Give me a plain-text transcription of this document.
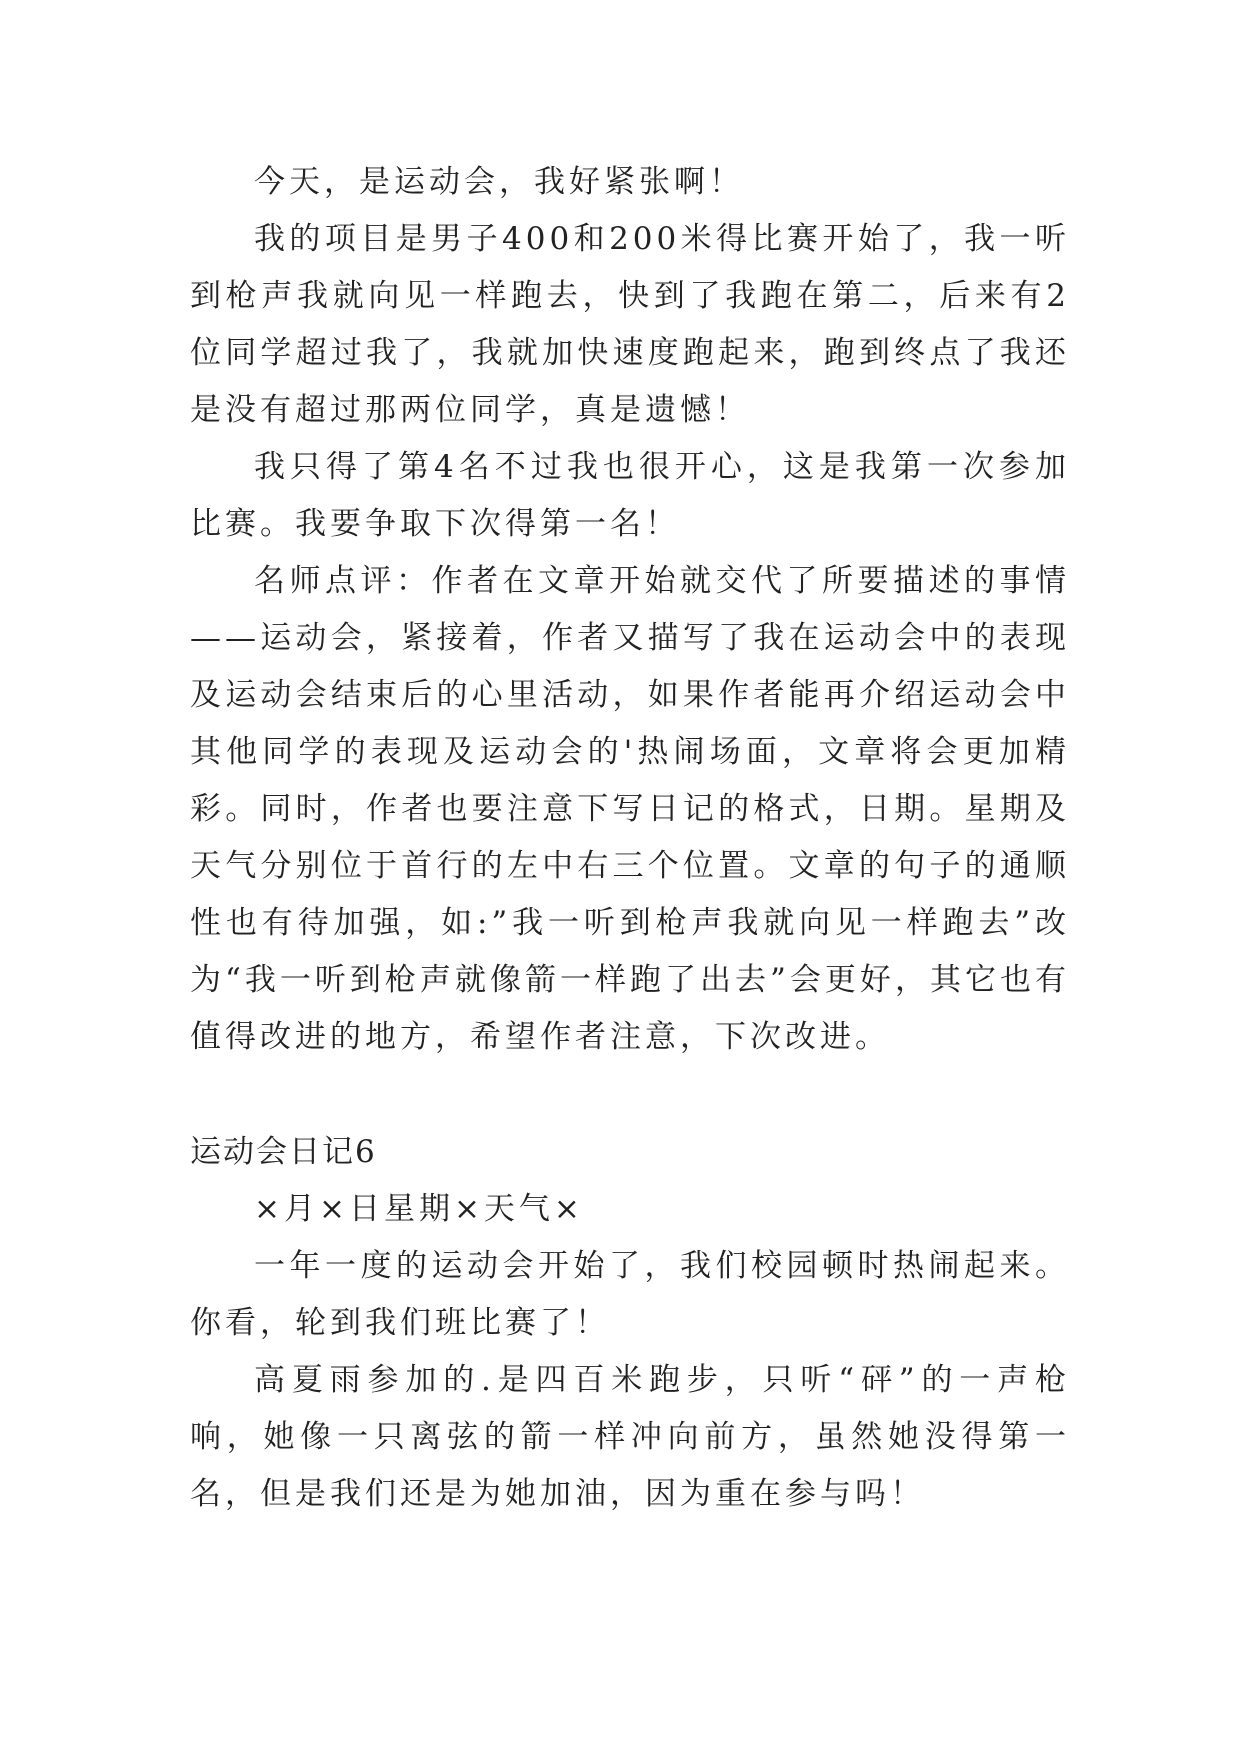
今天，是运动会，我好紧张啊！

我的项目是男子400和200米得比赛开始了，我一听到枪声我就向见一样跑去，快到了我跑在第二，后来有2位同学超过我了，我就加快速度跑起来，跑到终点了我还是没有超过那两位同学，真是遗憾！

我只得了第4名不过我也很开心，这是我第一次参加比赛。我要争取下次得第一名！

名师点评：作者在文章开始就交代了所要描述的事情——运动会，紧接着，作者又描写了我在运动会中的表现及运动会结束后的心里活动，如果作者能再介绍运动会中其他同学的表现及运动会的'热闹场面，文章将会更加精彩。同时，作者也要注意下写日记的格式，日期。星期及天气分别位于首行的左中右三个位置。文章的句子的通顺性也有待加强，如:”我一听到枪声我就向见一样跑去”改为“我一听到枪声就像箭一样跑了出去”会更好，其它也有值得改进的地方，希望作者注意，下次改进。

运动会日记6

×月×日星期×天气×

一年一度的运动会开始了，我们校园顿时热闹起来。你看，轮到我们班比赛了！

高夏雨参加的.是四百米跑步，只听“砰”的一声枪响，她像一只离弦的箭一样冲向前方，虽然她没得第一名，但是我们还是为她加油，因为重在参与吗！
